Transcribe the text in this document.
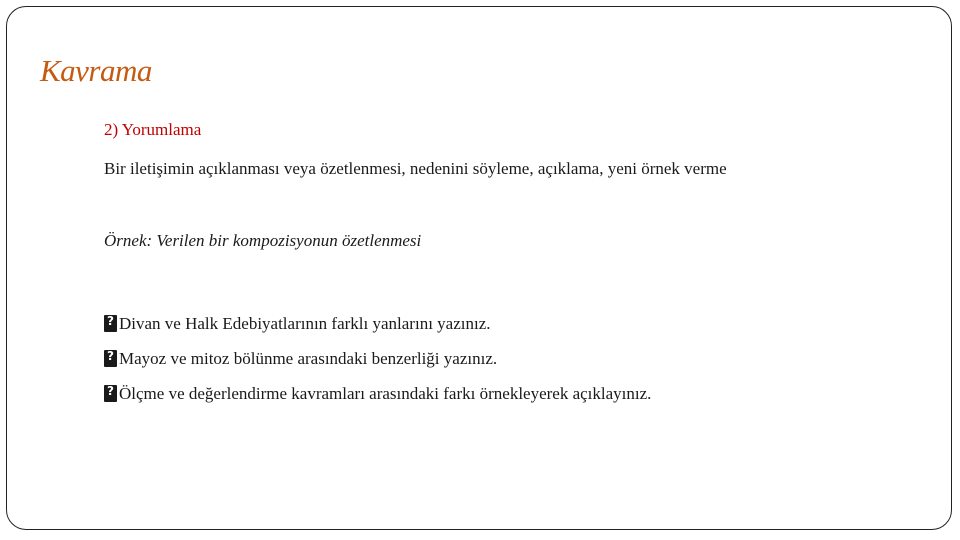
Kavrama
2) Yorumlama
Bir iletişimin açıklanması veya özetlenmesi, nedenini söyleme, açıklama, yeni örnek verme
Örnek: Verilen bir kompozisyonun özetlenmesi
?
Divan ve Halk Edebiyatlarının farklı yanlarını yazınız.
?
Mayoz ve mitoz bölünme arasındaki benzerliği yazınız.
?
Ölçme ve değerlendirme kavramları arasındaki farkı örnekleyerek açıklayınız.
